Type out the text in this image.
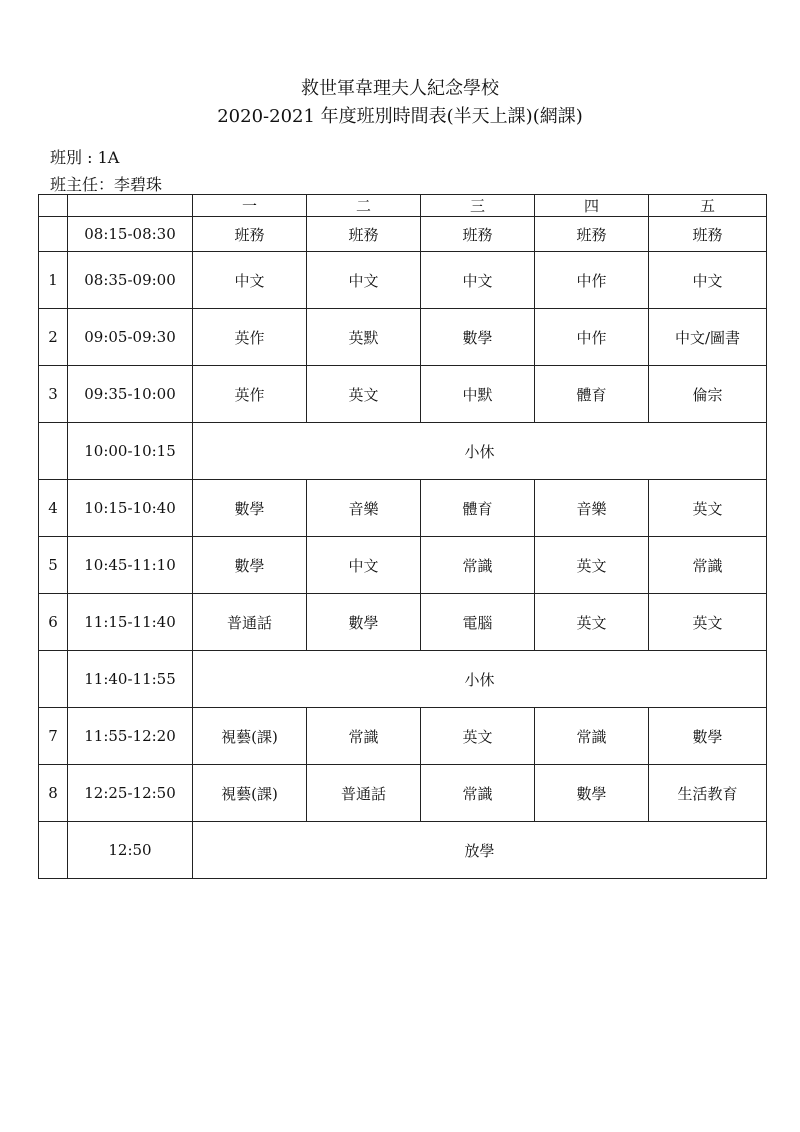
救世軍韋理夫人紀念學校
2020-2021 年度班別時間表(半天上課)(網課)
班別 : 1A
班主任：李碧珠
		一	二	三	四	五
	08:15-08:30	班務	班務	班務	班務	班務
1	08:35-09:00	中文	中文	中文	中作	中文
2	09:05-09:30	英作	英默	數學	中作	中文/圖書
3	09:35-10:00	英作	英文	中默	體育	倫宗
	10:00-10:15	小休				
4	10:15-10:40	數學	音樂	體育	音樂	英文
5	10:45-11:10	數學	中文	常識	英文	常識
6	11:15-11:40	普通話	數學	電腦	英文	英文
	11:40-11:55	小休				
7	11:55-12:20	視藝(課)	常識	英文	常識	數學
8	12:25-12:50	視藝(課)	普通話	常識	數學	生活教育
	12:50	放學				
